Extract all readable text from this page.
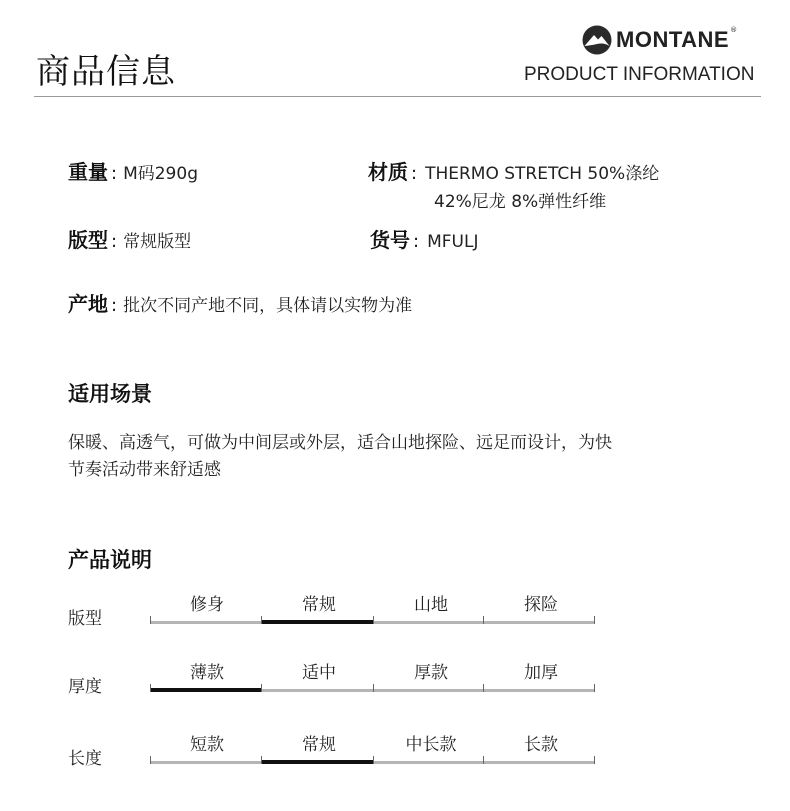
商品信息
MONTANE ®
PRODUCT INFORMATION
重量 : M码290g	材质 : THERMO STRETCH 50%涤纶
42%尼龙 8%弹性纤维
版型 : 常规版型	货号 : MFULJ
产地 : 批次不同产地不同，具体请以实物为准
适用场景
保暖、高透气，可做为中间层或外层，适合山地探险、远足而设计，为快
节奏活动带来舒适感
产品说明
版型
修身	常规	山地	探险
厚度
薄款	适中	厚款	加厚
长度
短款	常规	中长款	长款
